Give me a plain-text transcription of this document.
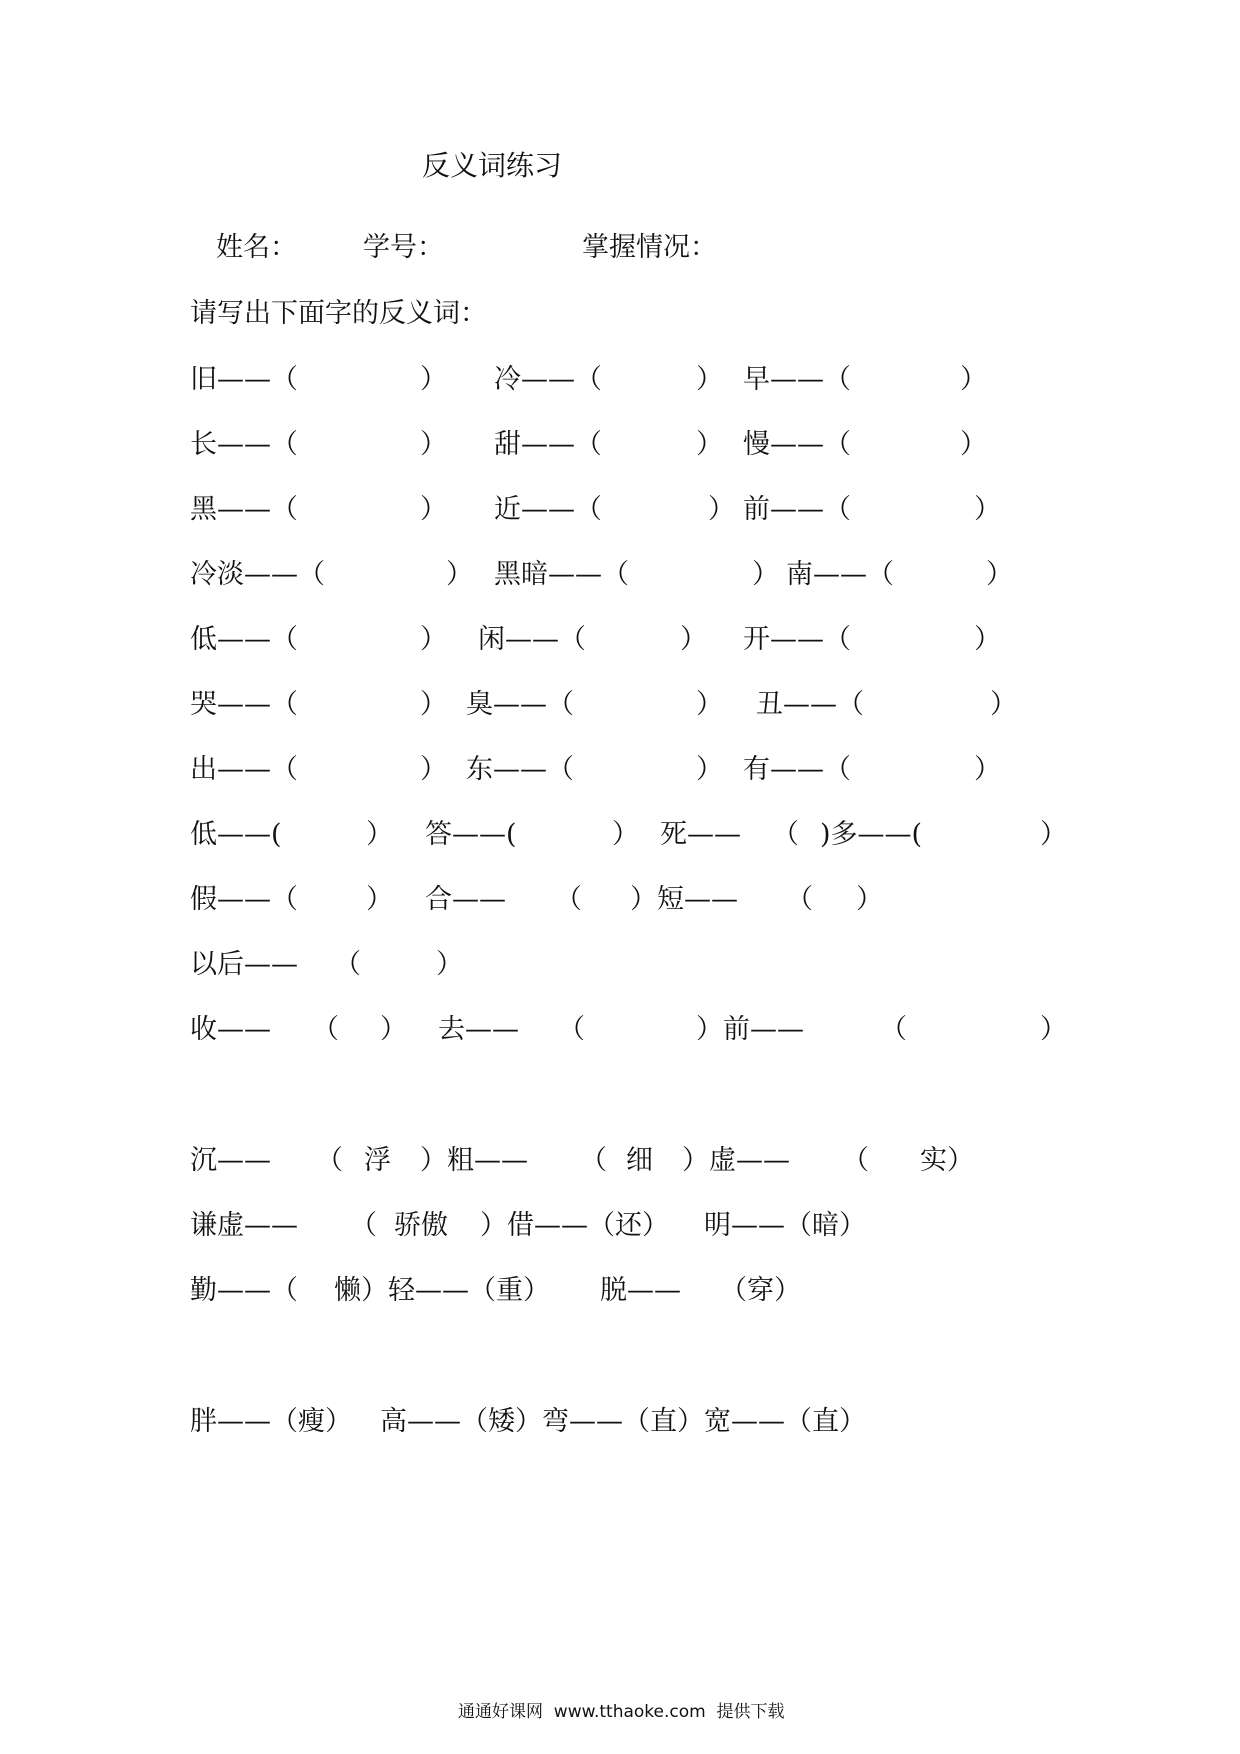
反义词练习
姓名： 学号：	掌握情况：
请写出下面字的反义词：
旧——（	） 冷——（	） 早——（	）
长——（	） 甜——（	） 慢——（	）
黑——（	） 近——（	） 前——（	）
冷淡——（	） 黑暗——（	） 南——（	）
低——（	） 闲——（	） 开——（	）
哭——（	） 臭——（	） 丑——（	）
出——（	） 东——（	） 有——（	）
低——(	） 答——(	） 死—— （ )多——(	）
假——（	） 合—— （ ）短—— （ ）
以后—— （	）
收—— （ ） 去—— （	）前——	（	）
沉—— （ 浮 ）粗—— （ 细 ）虚—— （ 实）
谦虚—— （ 骄傲 ）借——（还） 明——（暗）
勤——（ 懒）轻——（重） 脱—— （穿）
胖——（瘦） 高——（矮）弯——（直）宽——（直）
通通好课网  www.tthaoke.com  提供下载
